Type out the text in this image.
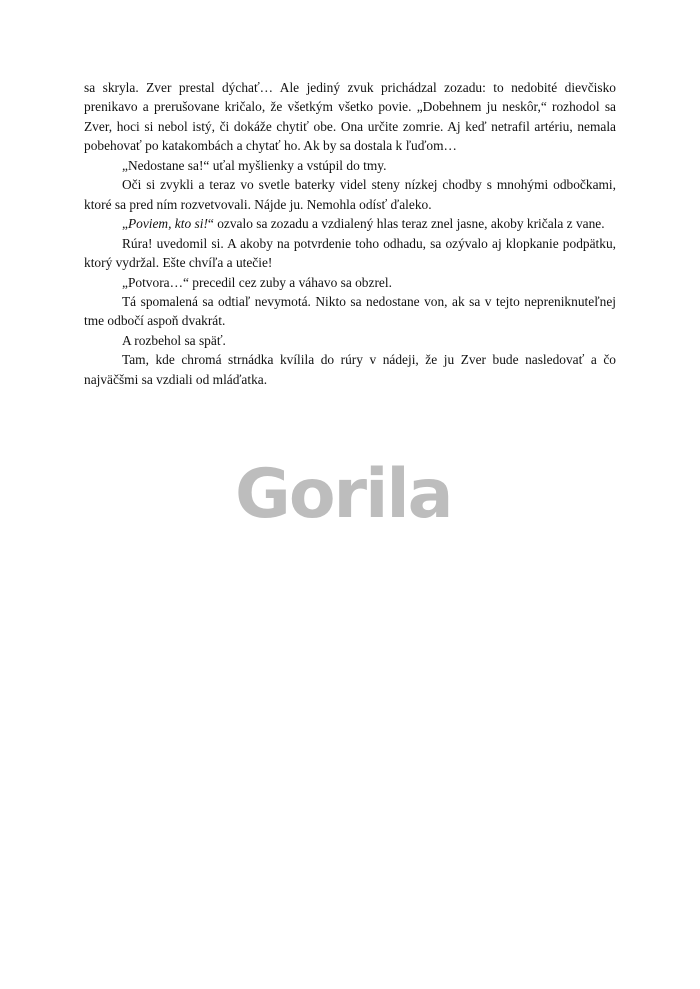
sa skryla. Zver prestal dýchať… Ale jediný zvuk prichádzal zozadu: to nedobité dievčisko prenikavo a prerušovane kričalo, že všetkým všetko povie. „Dobehnem ju neskôr,“ rozhodol sa Zver, hoci si nebol istý, či dokáže chytiť obe. Ona určite zomrie. Aj keď netrafil artériu, nemala pobehovať po katakombách a chytať ho. Ak by sa dostala k ľuďom…

„Nedostane sa!“ uťal myšlienky a vstúpil do tmy.

Oči si zvykli a teraz vo svetle baterky videl steny nízkej chodby s mnohými odbočkami, ktoré sa pred ním rozvetvovali. Nájde ju. Nemohla odísť ďaleko.

„Poviem, kto si!“ ozvalo sa zozadu a vzdialený hlas teraz znel jasne, akoby kričala z vane.

Rúra! uvedomil si. A akoby na potvrdenie toho odhadu, sa ozývalo aj klopkanie podpätku, ktorý vydržal. Ešte chvíľa a utečie!

„Potvora…“ precedil cez zuby a váhavo sa obzrel.

Tá spomalená sa odtiaľ nevymotá. Nikto sa nedostane von, ak sa v tejto nepreniknuteľnej tme odbočí aspoň dvakrát.

A rozbehol sa späť.

Tam, kde chromá strnádka kvílila do rúry v nádeji, že ju Zver bude nasledovať a čo najväčšmi sa vzdiali od mláďatka.

Gorila
